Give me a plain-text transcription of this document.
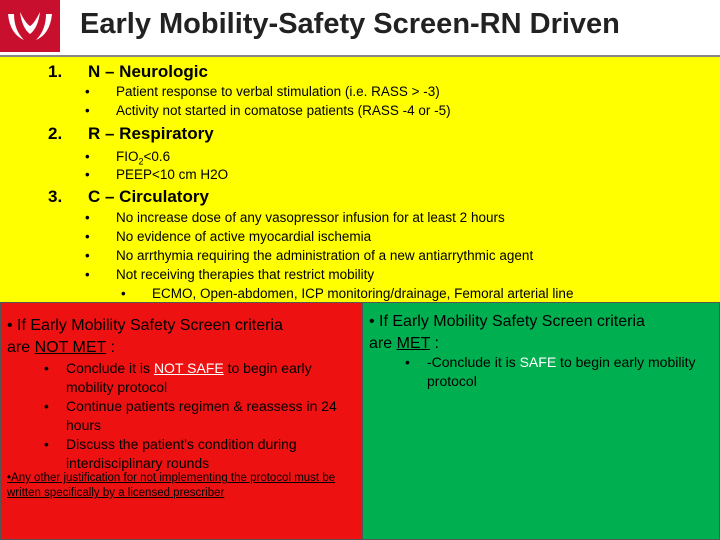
Early Mobility-Safety Screen-RN Driven
1. N – Neurologic
• Patient response to verbal stimulation (i.e. RASS > -3)
• Activity not started in comatose patients (RASS -4 or -5)
2. R – Respiratory
• $FIO_2<0.6$
• PEEP<10 cm H2O
3. C – Circulatory
• No increase dose of any vasopressor infusion for at least 2 hours
• No evidence of active myocardial ischemia
• No arrthymia requiring the administration of a new antiarrythmic agent
• Not receiving therapies that restrict mobility
• ECMO, Open-abdomen, ICP monitoring/drainage, Femoral arterial line
• If Early Mobility Safety Screen criteria
are NOT MET :
• Conclude it is NOT SAFE to begin early mobility protocol
• Continue patients regimen & reassess in 24 hours
• Discuss the patient's condition during interdisciplinary rounds
•Any other justification for not implementing the protocol must be written specifically by a licensed prescriber
• If Early Mobility Safety Screen criteria
are MET :
• -Conclude it is SAFE to begin early mobility protocol
